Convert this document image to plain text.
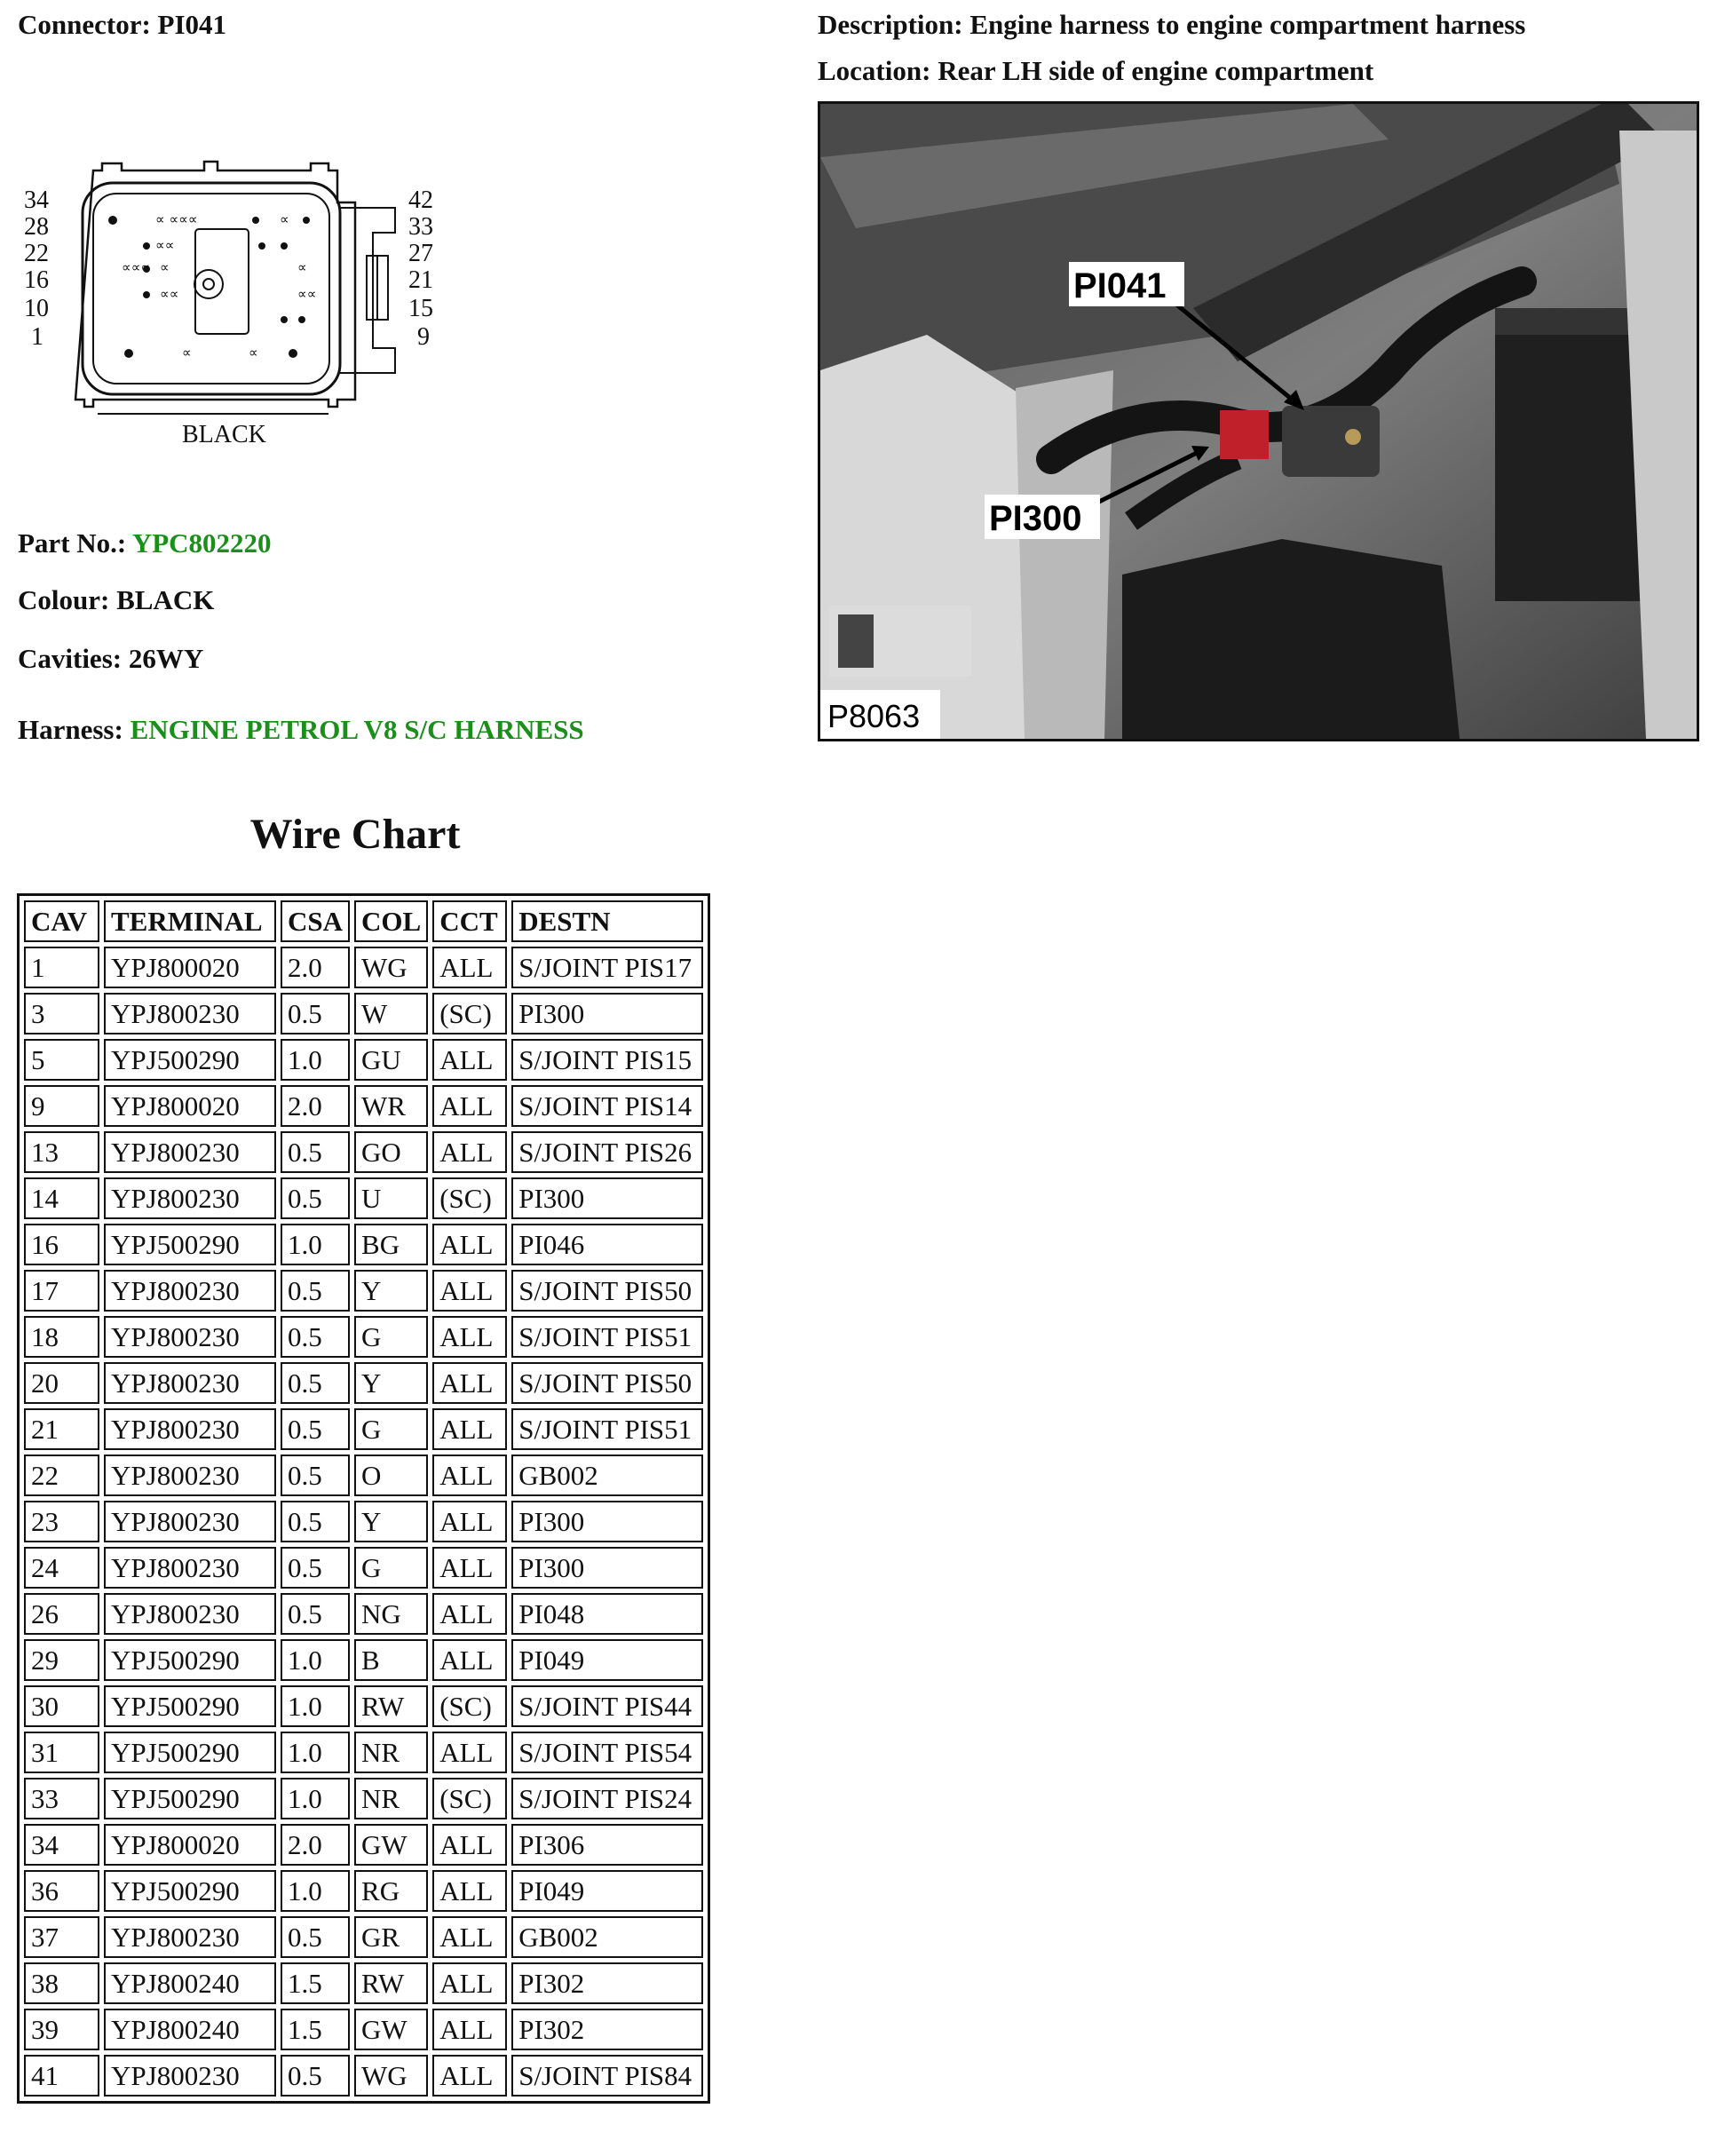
Connector: PI041	Description: Engine harness to engine compartment harness
Location: Rear LH side of engine compartment
∝ ∝∝∝	∝
∝∝
∝∝∝ ∝
∝∝	∝∝
∝	∝
∝
34
28
22
16
10
1
42
33
27
21
15
9
BLACK
PI041
PI300
P8063
Part No.: YPC802220
Colour: BLACK
Cavities: 26WY
Harness: ENGINE PETROL V8 S/C HARNESS
Wire Chart
CAV	TERMINAL	CSA	COL	CCT	DESTN
1	YPJ800020	2.0	WG	ALL	S/JOINT PIS17
3	YPJ800230	0.5	W	(SC)	PI300
5	YPJ500290	1.0	GU	ALL	S/JOINT PIS15
9	YPJ800020	2.0	WR	ALL	S/JOINT PIS14
13	YPJ800230	0.5	GO	ALL	S/JOINT PIS26
14	YPJ800230	0.5	U	(SC)	PI300
16	YPJ500290	1.0	BG	ALL	PI046
17	YPJ800230	0.5	Y	ALL	S/JOINT PIS50
18	YPJ800230	0.5	G	ALL	S/JOINT PIS51
20	YPJ800230	0.5	Y	ALL	S/JOINT PIS50
21	YPJ800230	0.5	G	ALL	S/JOINT PIS51
22	YPJ800230	0.5	O	ALL	GB002
23	YPJ800230	0.5	Y	ALL	PI300
24	YPJ800230	0.5	G	ALL	PI300
26	YPJ800230	0.5	NG	ALL	PI048
29	YPJ500290	1.0	B	ALL	PI049
30	YPJ500290	1.0	RW	(SC)	S/JOINT PIS44
31	YPJ500290	1.0	NR	ALL	S/JOINT PIS54
33	YPJ500290	1.0	NR	(SC)	S/JOINT PIS24
34	YPJ800020	2.0	GW	ALL	PI306
36	YPJ500290	1.0	RG	ALL	PI049
37	YPJ800230	0.5	GR	ALL	GB002
38	YPJ800240	1.5	RW	ALL	PI302
39	YPJ800240	1.5	GW	ALL	PI302
41	YPJ800230	0.5	WG	ALL	S/JOINT PIS84
